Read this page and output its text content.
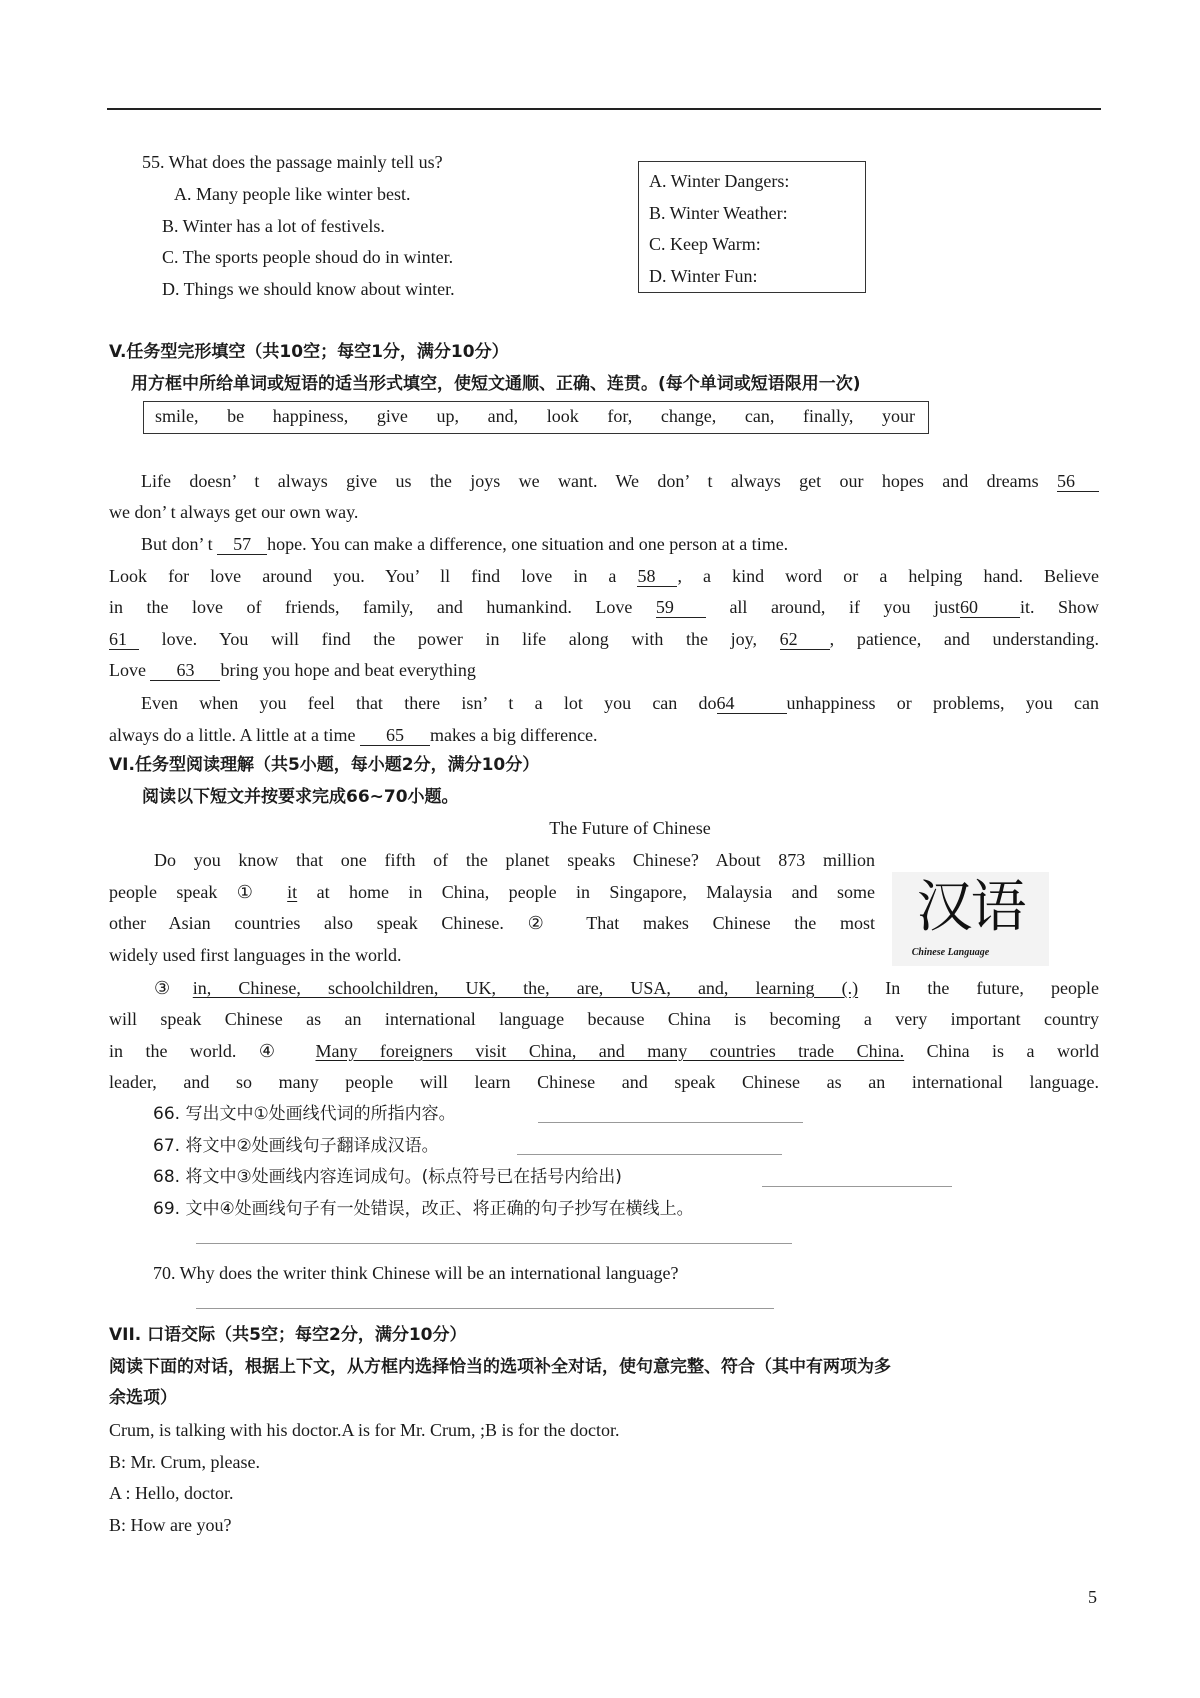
55. What does the passage mainly tell us?
A. Many people like winter best.
B. Winter has a lot of festivels.
C. The sports people shoud do in winter.
D. Things we should know about winter.
A. Winter Dangers:
B. Winter Weather:
C. Keep Warm:
D. Winter Fun:
V.任务型完形填空（共10空；每空1分，满分10分）
用方框中所给单词或短语的适当形式填空，使短文通顺、正确、连贯。(每个单词或短语限用一次)
smile, be happiness, give up, and, look for, change, can, finally, your
Life doesn’ t always give us the joys we want. We don’ t always get our hopes and dreams 56
we don’ t always get our own way.
But don’ t 57 hope. You can make a difference, one situation and one person at a time.
Look for love around you. You’ ll find love in a 58 , a kind word or a helping hand. Believe
in the love of friends, family, and humankind. Love 59	all around, if you just60 it. Show
61 love. You will find the power in life along with the joy, 62 , patience, and understanding.
Love 63 bring you hope and beat everything
Even when you feel that there isn’ t a lot you can do64	unhappiness or problems, you can
always do a little. A little at a time 65 makes a big difference.
VI.任务型阅读理解（共5小题，每小题2分，满分10分）
阅读以下短文并按要求完成66~70小题。
The Future of Chinese
Do you know that one fifth of the planet speaks Chinese? About 873 million
people speak ① it at home in China, people in Singapore, Malaysia and some
other Asian countries also speak Chinese. ② That makes Chinese the most
widely used first languages in the world.
汉语
Chinese Language
③in, Chinese, schoolchildren, UK, the, are, USA, and, learning (.) In the future, people
will speak Chinese as an international language because China is becoming a very important country
in the world. ④ Many foreigners visit China, and many countries trade China. China is a world
leader, and so many people will learn Chinese and speak Chinese as an international language.
66. 写出文中①处画线代词的所指内容。
67. 将文中②处画线句子翻译成汉语。
68. 将文中③处画线内容连词成句。(标点符号已在括号内给出)
69. 文中④处画线句子有一处错误，改正、将正确的句子抄写在横线上。
70. Why does the writer think Chinese will be an international language?
VII. 口语交际（共5空；每空2分，满分10分）
阅读下面的对话，根据上下文，从方框内选择恰当的选项补全对话，使句意完整、符合（其中有两项为多
余选项）
Crum, is talking with his doctor.A is for Mr. Crum, ;B is for the doctor.
B: Mr. Crum, please.
A : Hello, doctor.
B: How are you?
5
